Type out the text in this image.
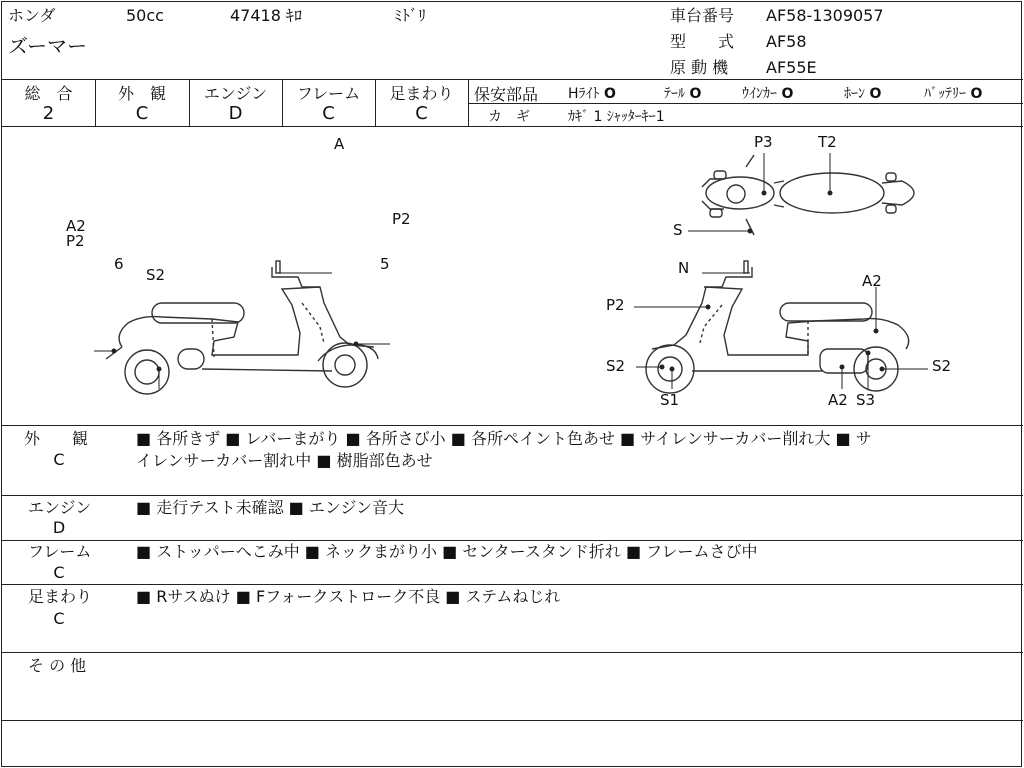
ホンダ	50cc	47418 ｷﾛ	ﾐﾄﾞﾘ
ズーマー
車台番号 AF58-1309057
型　　式 AF58
原 動 機 AF55E
総　合
2
外　観
C
エンジン
D
フレーム
C
足まわり
C
保安部品 Hﾗｲﾄ O	ﾃｰﾙ O	ｳｲﾝｶｰ O	ﾎｰﾝ O	ﾊﾞｯﾃﾘｰ O
カ　ギ	ｶｷﾞ 1 ｼｬｯﾀｰｷｰ1
A
P2
A2
P2
6
S2
5
P3	T2
S
N
A2
P2
S2
S1	A2 S3
S2
外　　観
C
■ 各所きず ■ レバーまがり ■ 各所さび小 ■ 各所ペイント色あせ ■ サイレンサーカバー削れ大 ■ サ
イレンサーカバー割れ中 ■ 樹脂部色あせ
エンジン
D
■ 走行テスト未確認 ■ エンジン音大
フレーム
C
■ ストッパーへこみ中 ■ ネックまがり小 ■ センタースタンド折れ ■ フレームさび中
足まわり
C
■ Rサスぬけ ■ Fフォークストローク不良 ■ ステムねじれ
そ の 他
